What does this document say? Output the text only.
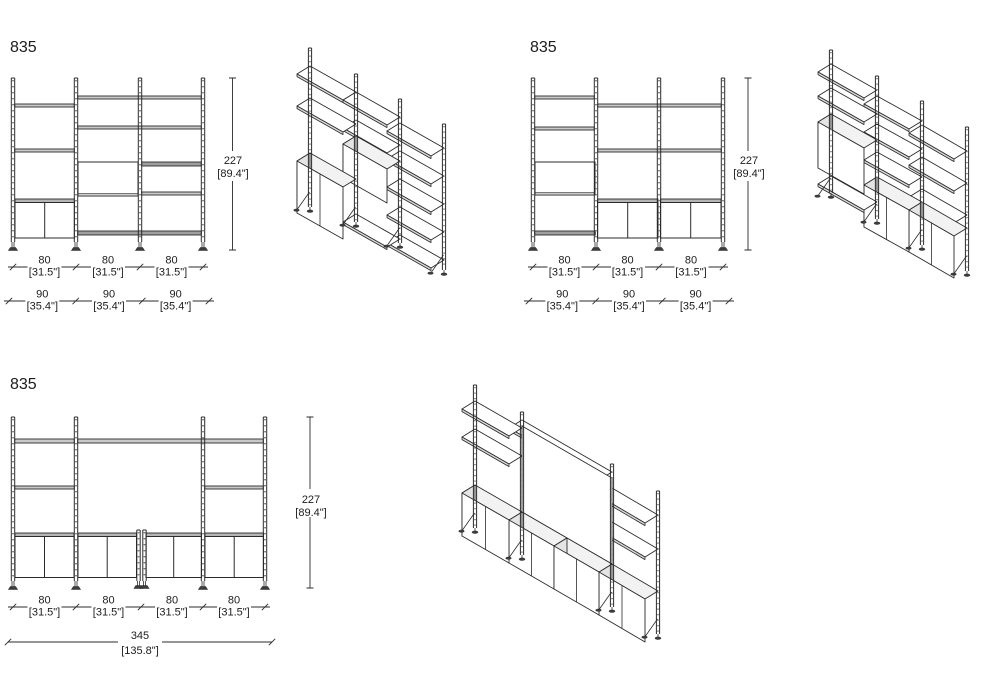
835
227
[89.4"]
80	80	80
[31.5"]	[31.5"]	[31.5"]
90	90	90
[35.4"]	[35.4"]	[35.4"]
835
227
[89.4"]
80	80	80
[31.5"]	[31.5"]	[31.5"]
90	90	90
[35.4"]	[35.4"]	[35.4"]
835
227
[89.4"]
80	80	80	80
[31.5"]	[31.5"]	[31.5"]	[31.5"]
345
[135.8"]
